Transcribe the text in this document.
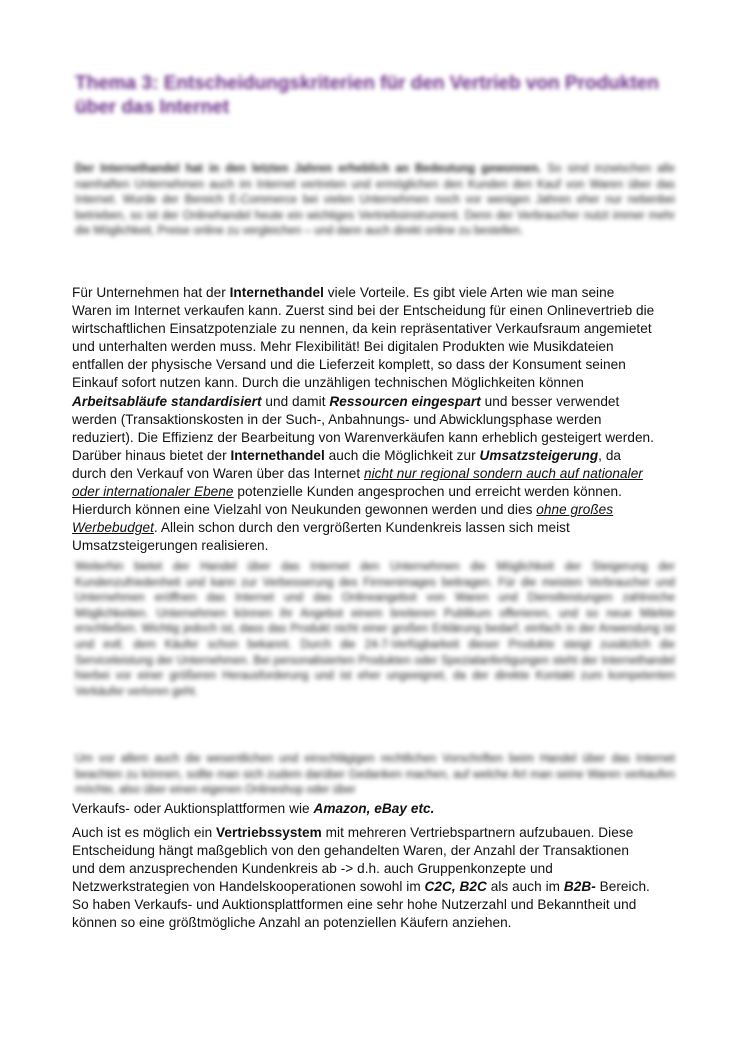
Thema 3: Entscheidungskriterien für den Vertrieb von Produkten über das Internet

Der Internethandel hat in den letzten Jahren erheblich an Bedeutung gewonnen. So sind inzwischen alle namhaften Unternehmen auch im Internet vertreten und ermöglichen den Kunden den Kauf von Waren über das Internet. Wurde der Bereich E-Commerce bei vielen Unternehmen noch vor wenigen Jahren eher nur nebenbei betrieben, so ist der Onlinehandel heute ein wichtiges Vertriebsinstrument. Denn der Verbraucher nutzt immer mehr die Möglichkeit, Preise online zu vergleichen – und dann auch direkt online zu bestellen.

Für Unternehmen hat der Internethandel viele Vorteile. Es gibt viele Arten wie man seine
Waren im Internet verkaufen kann. Zuerst sind bei der Entscheidung für einen Onlinevertrieb die
wirtschaftlichen Einsatzpotenziale zu nennen, da kein repräsentativer Verkaufsraum angemietet
und unterhalten werden muss. Mehr Flexibilität! Bei digitalen Produkten wie Musikdateien
entfallen der physische Versand und die Lieferzeit komplett, so dass der Konsument seinen
Einkauf sofort nutzen kann. Durch die unzähligen technischen Möglichkeiten können
Arbeitsabläufe standardisiert und damit Ressourcen eingespart und besser verwendet
werden (Transaktionskosten in der Such-, Anbahnungs- und Abwicklungsphase werden
reduziert). Die Effizienz der Bearbeitung von Warenverkäufen kann erheblich gesteigert werden.
Darüber hinaus bietet der Internethandel auch die Möglichkeit zur Umsatzsteigerung, da
durch den Verkauf von Waren über das Internet nicht nur regional sondern auch auf nationaler
oder internationaler Ebene potenzielle Kunden angesprochen und erreicht werden können.
Hierdurch können eine Vielzahl von Neukunden gewonnen werden und dies ohne großes
Werbebudget. Allein schon durch den vergrößerten Kundenkreis lassen sich meist
Umsatzsteigerungen realisieren.

Weiterhin bietet der Handel über das Internet den Unternehmen die Möglichkeit der Steigerung der Kundenzufriedenheit und kann zur Verbesserung des Firmenimages beitragen. Für die meisten Verbraucher und Unternehmen eröffnen das Internet und das Onlineangebot von Waren und Dienstleistungen zahlreiche Möglichkeiten. Unternehmen können ihr Angebot einem breiteren Publikum offerieren, und so neue Märkte erschließen. Wichtig jedoch ist, dass das Produkt nicht einer großen Erklärung bedarf, einfach in der Anwendung ist und evtl. dem Käufer schon bekannt. Durch die 24-7-Verfügbarkeit dieser Produkte steigt zusätzlich die Serviceleistung der Unternehmen. Bei personalisierten Produkten oder Spezialanfertigungen steht der Internethandel hierbei vor einer größeren Herausforderung und ist eher ungeeignet, da der direkte Kontakt zum kompetenten Verkäufer verloren geht.

Um vor allem auch die wesentlichen und einschlägigen rechtlichen Vorschriften beim Handel über das Internet beachten zu können, sollte man sich zudem darüber Gedanken machen, auf welche Art man seine Waren verkaufen möchte, also über einen eigenen Onlineshop oder über

Verkaufs- oder Auktionsplattformen wie Amazon, eBay etc.
Auch ist es möglich ein Vertriebssystem mit mehreren Vertriebspartnern aufzubauen. Diese
Entscheidung hängt maßgeblich von den gehandelten Waren, der Anzahl der Transaktionen
und dem anzusprechenden Kundenkreis ab -> d.h. auch Gruppenkonzepte und
Netzwerkstrategien von Handelskooperationen sowohl im C2C, B2C als auch im B2B- Bereich.
So haben Verkaufs- und Auktionsplattformen eine sehr hohe Nutzerzahl und Bekanntheit und
können so eine größtmögliche Anzahl an potenziellen Käufern anziehen.
